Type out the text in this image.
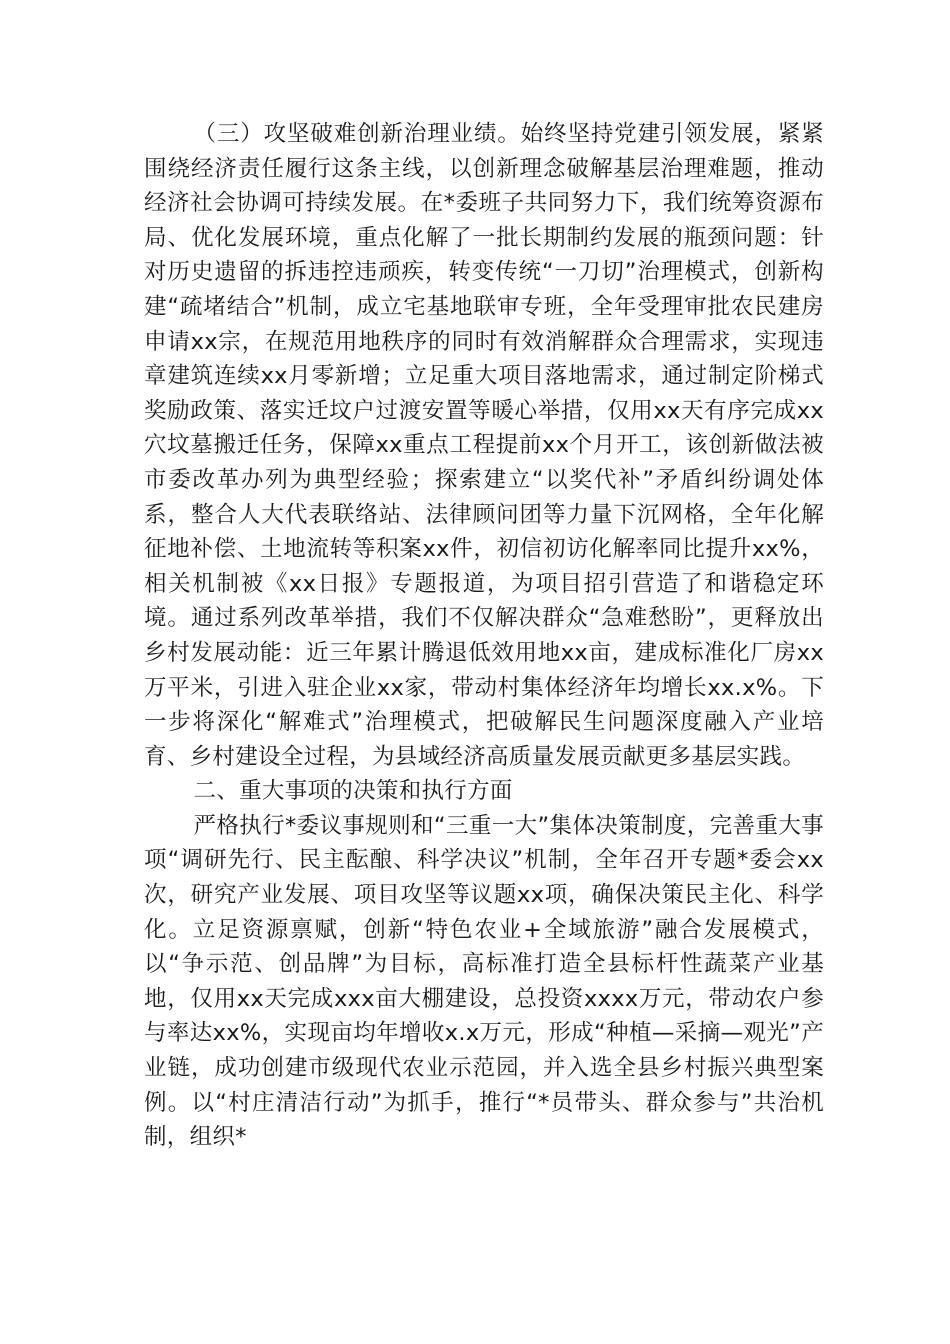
（三）攻坚破难创新治理业绩。始终坚持党建引领发展，紧紧围绕经济责任履行这条主线，以创新理念破解基层治理难题，推动经济社会协调可持续发展。在*委班子共同努力下，我们统筹资源布局、优化发展环境，重点化解了一批长期制约发展的瓶颈问题：针对历史遗留的拆违控违顽疾，转变传统“一刀切”治理模式，创新构建“疏堵结合”机制，成立宅基地联审专班，全年受理审批农民建房申请xx宗，在规范用地秩序的同时有效消解群众合理需求，实现违章建筑连续xx月零新增；立足重大项目落地需求，通过制定阶梯式奖励政策、落实迁坟户过渡安置等暖心举措，仅用xx天有序完成xx穴坟墓搬迁任务，保障xx重点工程提前xx个月开工，该创新做法被市委改革办列为典型经验；探索建立“以奖代补”矛盾纠纷调处体系，整合人大代表联络站、法律顾问团等力量下沉网格，全年化解征地补偿、土地流转等积案xx件，初信初访化解率同比提升xx%，相关机制被《xx日报》专题报道，为项目招引营造了和谐稳定环境。通过系列改革举措，我们不仅解决群众“急难愁盼”，更释放出乡村发展动能：近三年累计腾退低效用地xx亩，建成标准化厂房xx万平米，引进入驻企业xx家，带动村集体经济年均增长xx.x%。下一步将深化“解难式”治理模式，把破解民生问题深度融入产业培育、乡村建设全过程，为县域经济高质量发展贡献更多基层实践。

二、重大事项的决策和执行方面

严格执行*委议事规则和“三重一大”集体决策制度，完善重大事项“调研先行、民主酝酿、科学决议”机制，全年召开专题*委会xx次，研究产业发展、项目攻坚等议题xx项，确保决策民主化、科学化。立足资源禀赋，创新“特色农业+全域旅游”融合发展模式，以“争示范、创品牌”为目标，高标准打造全县标杆性蔬菜产业基地，仅用xx天完成xxx亩大棚建设，总投资xxxx万元，带动农户参与率达xx%，实现亩均年增收x.x万元，形成“种植—采摘—观光”产业链，成功创建市级现代农业示范园，并入选全县乡村振兴典型案例。以“村庄清洁行动”为抓手，推行“*员带头、群众参与”共治机制，组织*
